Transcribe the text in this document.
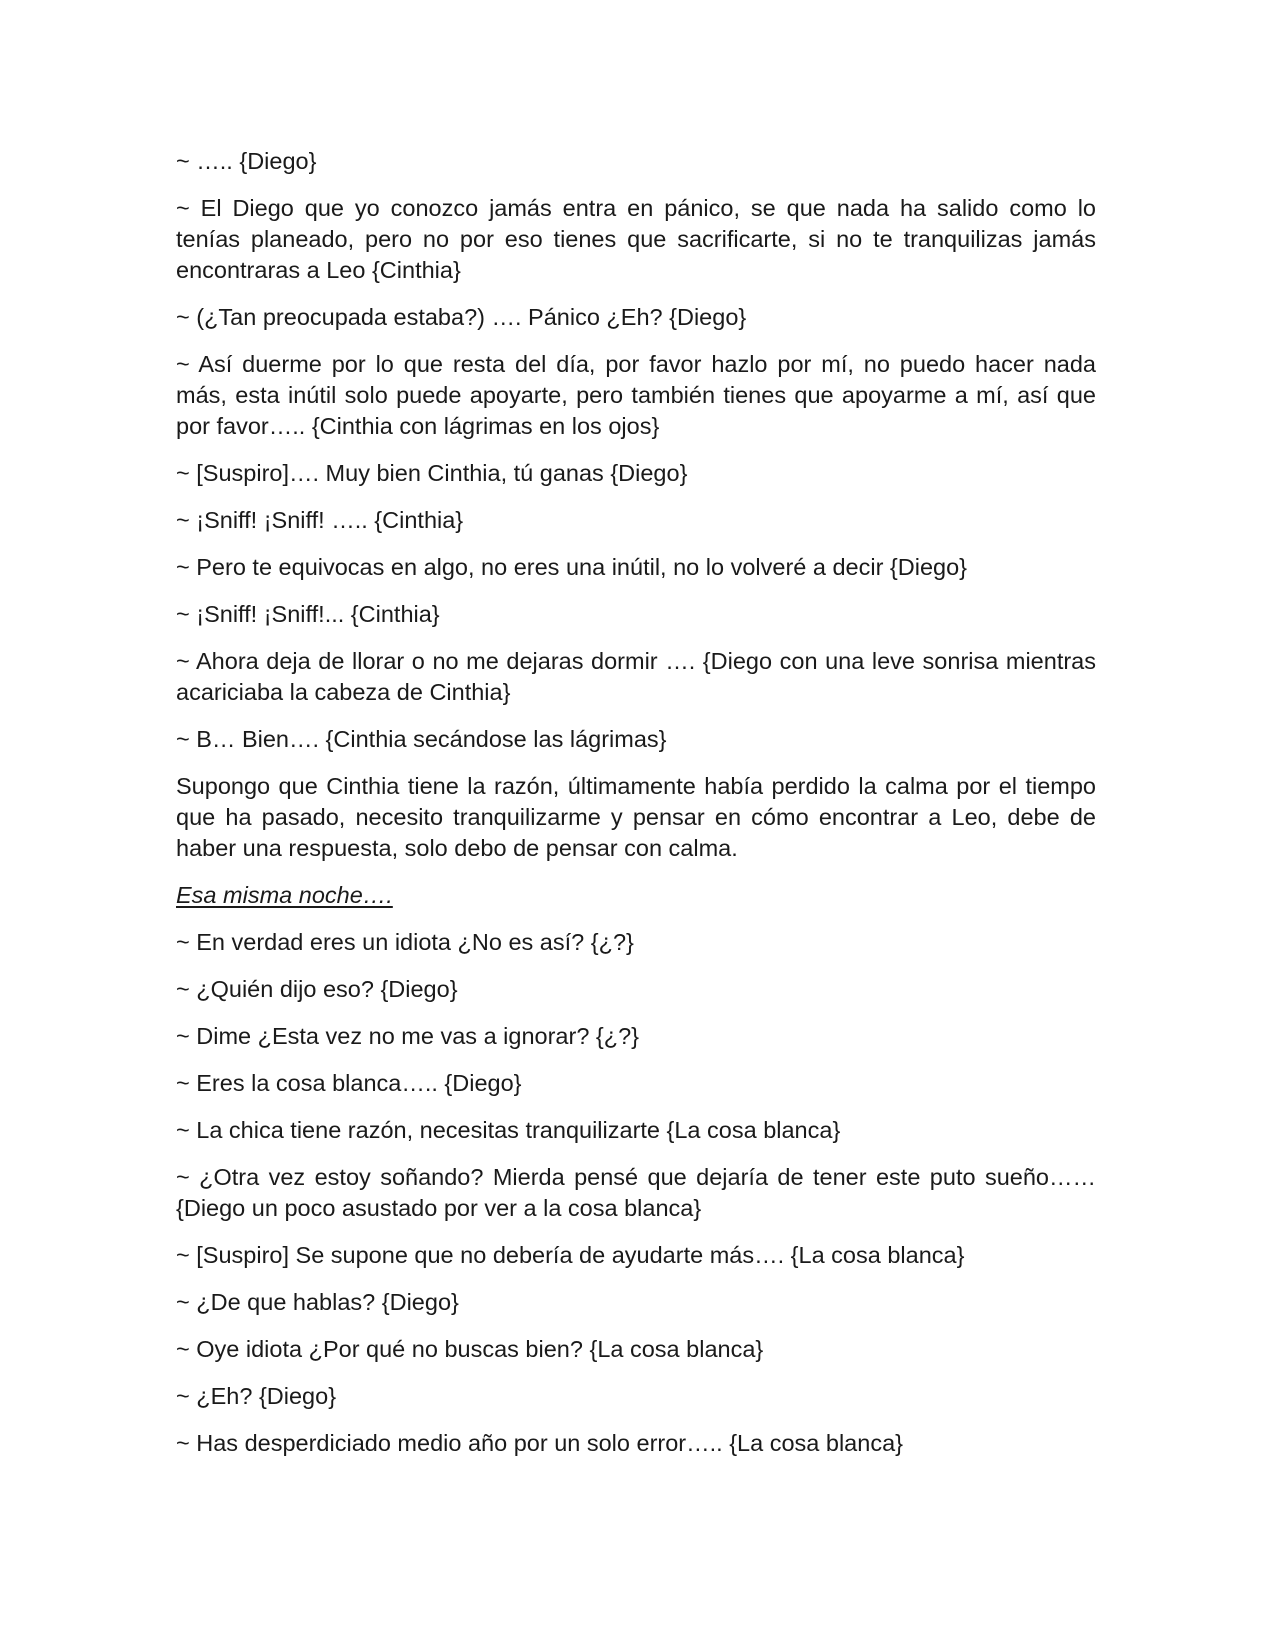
~ ….. {Diego}

~ El Diego que yo conozco jamás entra en pánico, se que nada ha salido como lo tenías planeado, pero no por eso tienes que sacrificarte, si no te tranquilizas jamás encontraras a Leo {Cinthia}

~ (¿Tan preocupada estaba?) …. Pánico ¿Eh? {Diego}

~ Así duerme por lo que resta del día, por favor hazlo por mí, no puedo hacer nada más, esta inútil solo puede apoyarte, pero también tienes que apoyarme a mí, así que por favor….. {Cinthia con lágrimas en los ojos}

~ [Suspiro]…. Muy bien Cinthia, tú ganas {Diego}

~ ¡Sniff! ¡Sniff! ….. {Cinthia}

~ Pero te equivocas en algo, no eres una inútil, no lo volveré a decir {Diego}

~ ¡Sniff! ¡Sniff!... {Cinthia}

~ Ahora deja de llorar o no me dejaras dormir …. {Diego con una leve sonrisa mientras acariciaba la cabeza de Cinthia}

~ B… Bien…. {Cinthia secándose las lágrimas}

Supongo que Cinthia tiene la razón, últimamente había perdido la calma por el tiempo que ha pasado, necesito tranquilizarme y pensar en cómo encontrar a Leo, debe de haber una respuesta, solo debo de pensar con calma.

Esa misma noche….

~ En verdad eres un idiota ¿No es así? {¿?}

~ ¿Quién dijo eso? {Diego}

~ Dime ¿Esta vez no me vas a ignorar? {¿?}

~ Eres la cosa blanca….. {Diego}

~ La chica tiene razón, necesitas tranquilizarte {La cosa blanca}

~ ¿Otra vez estoy soñando? Mierda pensé que dejaría de tener este puto sueño…… {Diego un poco asustado por ver a la cosa blanca}

~ [Suspiro] Se supone que no debería de ayudarte más…. {La cosa blanca}

~ ¿De que hablas? {Diego}

~ Oye idiota ¿Por qué no buscas bien? {La cosa blanca}

~ ¿Eh? {Diego}

~ Has desperdiciado medio año por un solo error….. {La cosa blanca}
